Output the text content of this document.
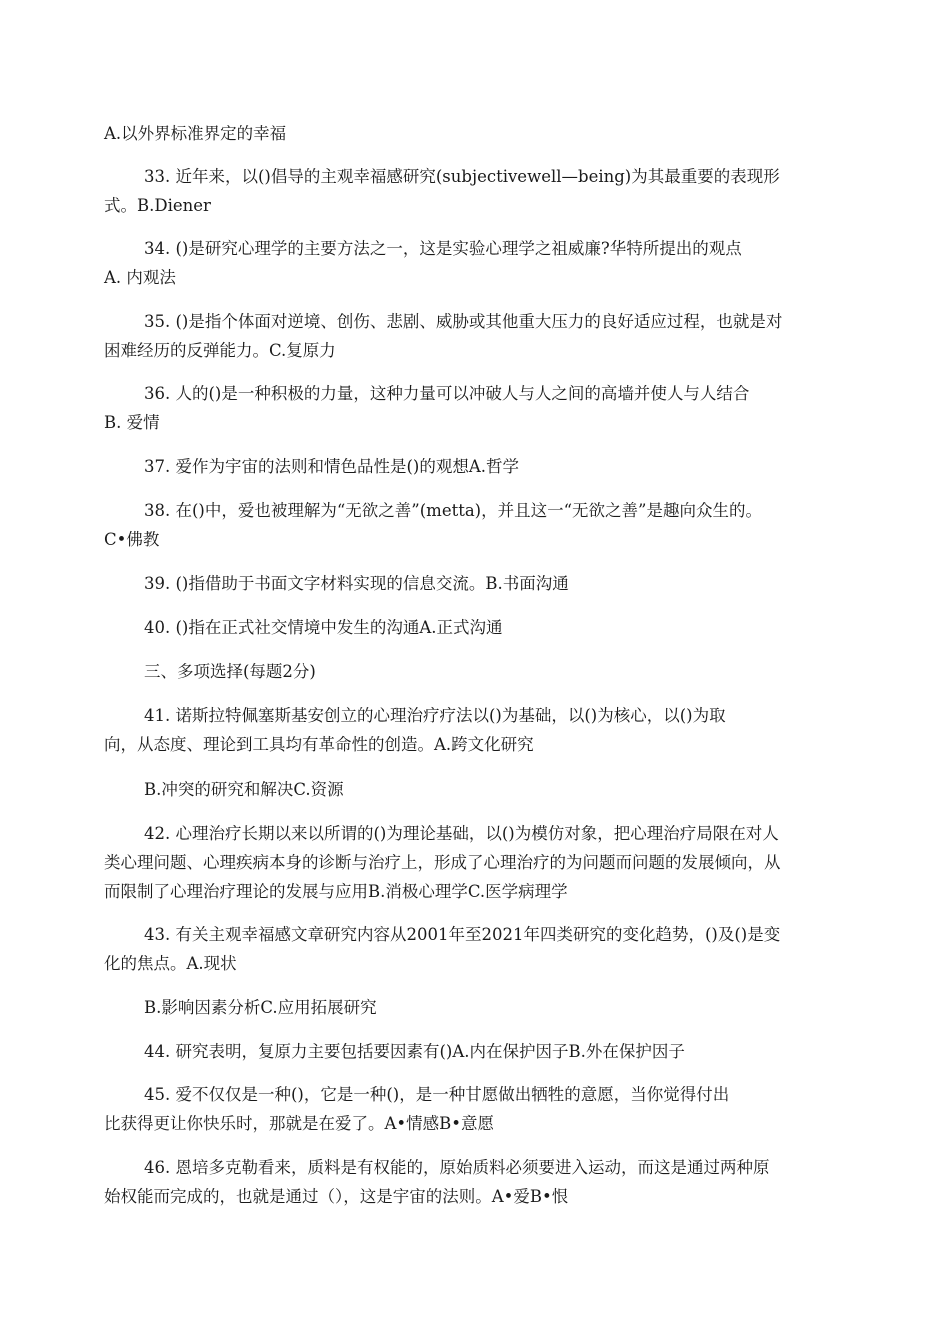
A.以外界标准界定的幸福

33. 近年来，以()倡导的主观幸福感研究(subjectivewell—being)为其最重要的表现形
式。B.Diener

34. ()是研究心理学的主要方法之一，这是实验心理学之祖威廉?华特所提出的观点
A. 内观法

35. ()是指个体面对逆境、创伤、悲剧、威胁或其他重大压力的良好适应过程，也就是对
困难经历的反弹能力。C.复原力

36. 人的()是一种积极的力量，这种力量可以冲破人与人之间的高墙并使人与人结合
B. 爱情

37. 爱作为宇宙的法则和情色品性是()的观想A.哲学

38. 在()中，爱也被理解为“无欲之善”(metta)，并且这一“无欲之善”是趣向众生的。
C•佛教

39. ()指借助于书面文字材料实现的信息交流。B.书面沟通

40. ()指在正式社交情境中发生的沟通A.正式沟通

三、多项选择(每题2分)

41. 诺斯拉特佩塞斯基安创立的心理治疗疗法以()为基础，以()为核心，以()为取
向，从态度、理论到工具均有革命性的创造。A.跨文化研究

B.冲突的研究和解决C.资源

42. 心理治疗长期以来以所谓的()为理论基础，以()为模仿对象，把心理治疗局限在对人
类心理问题、心理疾病本身的诊断与治疗上，形成了心理治疗的为问题而问题的发展倾向，从
而限制了心理治疗理论的发展与应用B.消极心理学C.医学病理学

43. 有关主观幸福感文章研究内容从2001年至2021年四类研究的变化趋势，()及()是变
化的焦点。A.现状

B.影响因素分析C.应用拓展研究

44. 研究表明，复原力主要包括要因素有()A.内在保护因子B.外在保护因子

45. 爱不仅仅是一种()，它是一种()，是一种甘愿做出牺牲的意愿，当你觉得付出
比获得更让你快乐时，那就是在爱了。A•情感B•意愿

46. 恩培多克勒看来，质料是有权能的，原始质料必须要进入运动，而这是通过两种原
始权能而完成的，也就是通过（），这是宇宙的法则。A•爱B•恨
